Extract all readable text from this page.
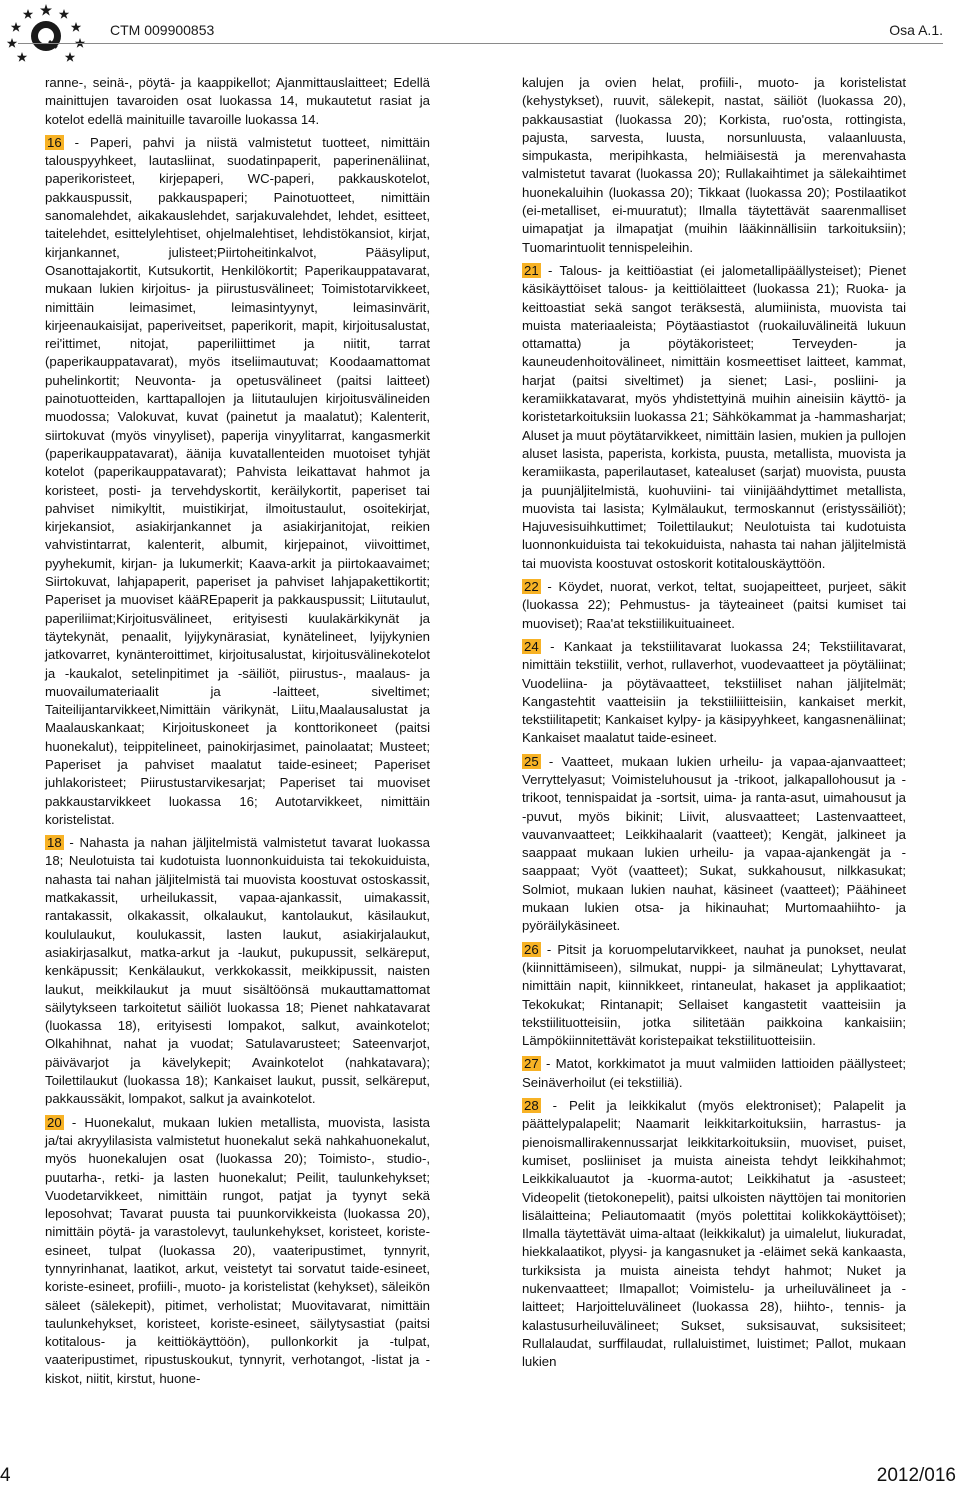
CTM 009900853	Osa A.1.

ranne-, seinä-, pöytä- ja kaappikellot; Ajanmittauslaitteet; Edellä mainittujen tavaroiden osat luokassa 14, mukautetut rasiat ja kotelot edellä mainituille tavaroille luokassa 14.

16 - Paperi, pahvi ja niistä valmistetut tuotteet, nimittäin talouspyyhkeet, lautasliinat, suodatinpaperit, paperinenäliinat, paperikoristeet, kirjepaperi, WC-paperi, pakkauskotelot, pakkauspussit, pakkauspaperi; Painotuotteet, nimittäin sanomalehdet, aikakauslehdet, sarjakuvalehdet, lehdet, esitteet, taitelehdet, esittelylehtiset, ohjelmalehtiset, lehdistökansiot, kirjat, kirjankannet, julisteet;Piirtoheitinkalvot, Pääsyliput, Osanottajakortit, Kutsukortit, Henkilökortit; Paperikauppatavarat, mukaan lukien kirjoitus- ja piirustusvälineet; Toimistotarvikkeet, nimittäin leimasimet, leimasintyynyt, leimasinvärit, kirjeenaukaisijat, paperiveitset, paperikorit, mapit, kirjoitusalustat, rei'ittimet, nitojat, paperiliittimet ja niitit, tarrat (paperikauppatavarat), myös itseliimautuvat; Koodaamattomat puhelinkortit; Neuvonta- ja opetusvälineet (paitsi laitteet) painotuotteiden, karttapallojen ja liitutaulujen kirjoitusvälineiden muodossa; Valokuvat, kuvat (painetut ja maalatut); Kalenterit, siirtokuvat (myös vinyyliset), paperija vinyylitarrat, kangasmerkit (paperikauppatavarat), äänija kuvatallenteiden muotoiset tyhjät kotelot (paperikauppatavarat); Pahvista leikattavat hahmot ja koristeet, posti- ja tervehdyskortit, keräilykortit, paperiset tai pahviset nimikyltit, muistikirjat, ilmoitustaulut, osoitekirjat, kirjekansiot, asiakirjankannet ja asiakirjanitojat, reikien vahvistintarrat, kalenterit, albumit, kirjepainot, viivoittimet, pyyhekumit, kirjan- ja lukumerkit; Kaava-arkit ja piirtokaavaimet; Siirtokuvat, lahjapaperit, paperiset ja pahviset lahjapakettikortit; Paperiset ja muoviset kääREpaperit ja pakkauspussit; Liitutaulut, paperiliimat;Kirjoitusvälineet, erityisesti kuulakärkikynät ja täytekynät, penaalit, lyijykynärasiat, kynätelineet, lyijykynien jatkovarret, kynänteroittimet, kirjoitusalustat, kirjoitusvälinekotelot ja -kaukalot, setelinpitimet ja -säiliöt, piirustus-, maalaus- ja muovailumateriaalit ja -laitteet, siveltimet; Taiteilijantarvikkeet,Nimittäin värikynät, Liitu,Maalausalustat ja Maalauskankaat; Kirjoituskoneet ja konttorikoneet (paitsi huonekalut), teippitelineet, painokirjasimet, painolaatat; Musteet; Paperiset ja pahviset maalatut taide-esineet; Paperiset juhlakoristeet; Piirustustarvikesarjat; Paperiset tai muoviset pakkaustarvikkeet luokassa 16; Autotarvikkeet, nimittäin koristelistat.

18 - Nahasta ja nahan jäljitelmistä valmistetut tavarat luokassa 18; Neulotuista tai kudotuista luonnonkuiduista tai tekokuiduista, nahasta tai nahan jäljitelmistä tai muovista koostuvat ostoskassit, matkakassit, urheilukassit, vapaa-ajankassit, uimakassit, rantakassit, olkakassit, olkalaukut, kantolaukut, käsilaukut, koululaukut, koulukassit, lasten laukut, asiakirjalaukut, asiakirjasalkut, matka-arkut ja -laukut, pukupussit, selkäreput, kenkäpussit; Kenkälaukut, verkkokassit, meikkipussit, naisten laukut, meikkilaukut ja muut sisältöönsä mukauttamattomat säilytykseen tarkoitetut säiliöt luokassa 18; Pienet nahkatavarat (luokassa 18), erityisesti lompakot, salkut, avainkotelot; Olkahihnat, nahat ja vuodat; Satulavarusteet; Sateenvarjot, päivävarjot ja kävelykepit; Avainkotelot (nahkatavara); Toilettilaukut (luokassa 18); Kankaiset laukut, pussit, selkäreput, pakkaussäkit, lompakot, salkut ja avainkotelot.

20 - Huonekalut, mukaan lukien metallista, muovista, lasista ja/tai akryylilasista valmistetut huonekalut sekä nahkahuonekalut, myös huonekalujen osat (luokassa 20); Toimisto-, studio-, puutarha-, retki- ja lasten huonekalut; Peilit, taulunkehykset; Vuodetarvikkeet, nimittäin rungot, patjat ja tyynyt sekä leposohvat; Tavarat puusta tai puunkorvikkeista (luokassa 20), nimittäin pöytä- ja varastolevyt, taulunkehykset, koristeet, koriste-esineet, tulpat (luokassa 20), vaateripustimet, tynnyrit, tynnyrinhanat, laatikot, arkut, veistetyt tai sorvatut taide-esineet, koriste-esineet, profiili-, muoto- ja koristelistat (kehykset), säleikön säleet (sälekepit), pitimet, verholistat; Muovitavarat, nimittäin taulunkehykset, koristeet, koriste-esineet, säilytysastiat (paitsi kotitalous- ja keittiökäyttöön), pullonkorkit ja -tulpat, vaateripustimet, ripustuskoukut, tynnyrit, verhotangot, -listat ja -kiskot, niitit, kirstut, huone-

kalujen ja ovien helat, profiili-, muoto- ja koristelistat (kehystykset), ruuvit, sälekepit, nastat, säiliöt (luokassa 20), pakkausastiat (luokassa 20); Korkista, ruo'osta, rottingista, pajusta, sarvesta, luusta, norsunluusta, valaanluusta, simpukasta, meripihkasta, helmiäisestä ja merenvahasta valmistetut tavarat (luokassa 20); Rullakaihtimet ja sälekaihtimet huonekaluihin (luokassa 20); Tikkaat (luokassa 20); Postilaatikot (ei-metalliset, ei-muuratut); Ilmalla täytettävät saarenmalliset uimapatjat ja ilmapatjat (muihin lääkinnällisiin tarkoituksiin); Tuomarintuolit tennispeleihin.

21 - Talous- ja keittiöastiat (ei jalometallipäällysteiset); Pienet käsikäyttöiset talous- ja keittiölaitteet (luokassa 21); Ruoka- ja keittoastiat sekä sangot teräksestä, alumiinista, muovista tai muista materiaaleista; Pöytäastiastot (ruokailuvälineitä lukuun ottamatta) ja pöytäkoristeet; Terveyden- ja kauneudenhoitovälineet, nimittäin kosmeettiset laitteet, kammat, harjat (paitsi siveltimet) ja sienet; Lasi-, posliini- ja keramiikkatavarat, myös yhdistettyinä muihin aineisiin käyttö- ja koristetarkoituksiin luokassa 21; Sähkökammat ja -hammasharjat; Aluset ja muut pöytätarvikkeet, nimittäin lasien, mukien ja pullojen aluset lasista, paperista, korkista, puusta, metallista, muovista ja keramiikasta, paperilautaset, katealuset (sarjat) muovista, puusta ja puunjäljitelmistä, kuohuviini- tai viinijäähdyttimet metallista, muovista tai lasista; Kylmälaukut, termoskannut (eristyssäiliöt); Hajuvesisuihkuttimet; Toilettilaukut; Neulotuista tai kudotuista luonnonkuiduista tai tekokuiduista, nahasta tai nahan jäljitelmistä tai muovista koostuvat ostoskorit kotitalouskäyttöön.

22 - Köydet, nuorat, verkot, teltat, suojapeitteet, purjeet, säkit (luokassa 22); Pehmustus- ja täyteaineet (paitsi kumiset tai muoviset); Raa'at tekstiilikuituaineet.

24 - Kankaat ja tekstiilitavarat luokassa 24; Tekstiilitavarat, nimittäin tekstiilit, verhot, rullaverhot, vuodevaatteet ja pöytäliinat; Vuodeliina- ja pöytävaatteet, tekstiiliset nahan jäljitelmät; Kangastehtit vaatteisiin ja tekstiiliiitteisiin, kankaiset merkit, tekstiilitapetit; Kankaiset kylpy- ja käsipyyhkeet, kangasnenäliinat; Kankaiset maalatut taide-esineet.

25 - Vaatteet, mukaan lukien urheilu- ja vapaa-ajanvaatteet; Verryttelyasut; Voimisteluhousut ja -trikoot, jalkapallohousut ja -trikoot, tennispaidat ja -sortsit, uima- ja ranta-asut, uimahousut ja -puvut, myös bikinit; Liivit, alusvaatteet; Lastenvaatteet, vauvanvaatteet; Leikkihaalarit (vaatteet); Kengät, jalkineet ja saappaat mukaan lukien urheilu- ja vapaa-ajankengät ja -saappaat; Vyöt (vaatteet); Sukat, sukkahousut, nilkkasukat; Solmiot, mukaan lukien nauhat, käsineet (vaatteet); Päähineet mukaan lukien otsa- ja hikinauhat; Murtomaahiihto- ja pyöräilykäsineet.

26 - Pitsit ja koruompelutarvikkeet, nauhat ja punokset, neulat (kiinnittämiseen), silmukat, nuppi- ja silmäneulat; Lyhyttavarat, nimittäin napit, kiinnikkeet, rintaneulat, hakaset ja applikaatiot; Tekokukat; Rintanapit; Sellaiset kangastetit vaatteisiin ja tekstiilituotteisiin, jotka silitetään paikkoina kankaisiin; Lämpökiinnitettävät koristepaikat tekstiilituotteisiin.

27 - Matot, korkkimatot ja muut valmiiden lattioiden päällysteet; Seinäverhoilut (ei tekstiiliä).

28 - Pelit ja leikkikalut (myös elektroniset); Palapelit ja päättelypalapelit; Naamarit leikkitarkoituksiin, harrastus- ja pienoismallirakennussarjat leikkitarkoituksiin, muoviset, puiset, kumiset, posliiniset ja muista aineista tehdyt leikkihahmot; Leikkikaluautot ja -kuorma-autot; Leikkihatut ja -asusteet; Videopelit (tietokonepelit), paitsi ulkoisten näyttöjen tai monitorien lisälaitteina; Peliautomaatit (myös polettitai kolikkokäyttöiset); Ilmalla täytettävät uima-altaat (leikkikalut) ja uimalelut, liukuradat, hiekkalaatikot, plyysi- ja kangasnuket ja -eläimet sekä kankaasta, turkiksista ja muista aineista tehdyt hahmot; Nuket ja nukenvaatteet; Ilmapallot; Voimistelu- ja urheiluvälineet ja -laitteet; Harjoitteluvälineet (luokassa 28), hiihto-, tennis- ja kalastusurheiluvälineet; Sukset, suksisauvat, suksisiteet; Rullalaudat, surffilaudat, rullaluistimet, luistimet; Pallot, mukaan lukien

4	2012/016
